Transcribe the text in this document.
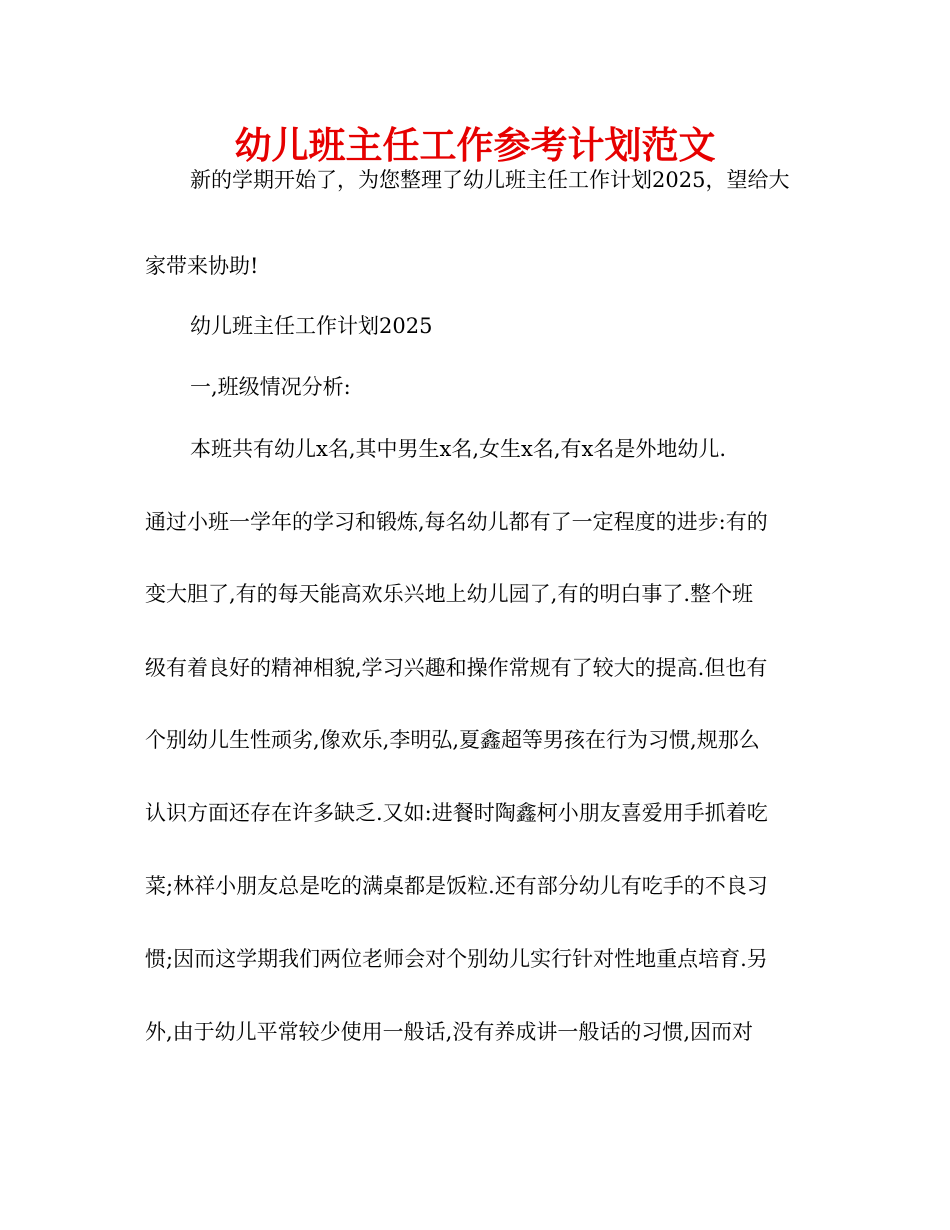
幼儿班主任工作参考计划范文

新的学期开始了，为您整理了幼儿班主任工作计划2025，望给大

家带来协助!

幼儿班主任工作计划2025

一,班级情况分析:

本班共有幼儿x名,其中男生x名,女生x名,有x名是外地幼儿.

通过小班一学年的学习和锻炼,每名幼儿都有了一定程度的进步:有的

变大胆了,有的每天能高欢乐兴地上幼儿园了,有的明白事了.整个班

级有着良好的精神相貌,学习兴趣和操作常规有了较大的提高.但也有

个别幼儿生性顽劣,像欢乐,李明弘,夏鑫超等男孩在行为习惯,规那么

认识方面还存在许多缺乏.又如:进餐时陶鑫柯小朋友喜爱用手抓着吃

菜;林祥小朋友总是吃的满桌都是饭粒.还有部分幼儿有吃手的不良习

惯;因而这学期我们两位老师会对个别幼儿实行针对性地重点培育.另

外,由于幼儿平常较少使用一般话,没有养成讲一般话的习惯,因而对
